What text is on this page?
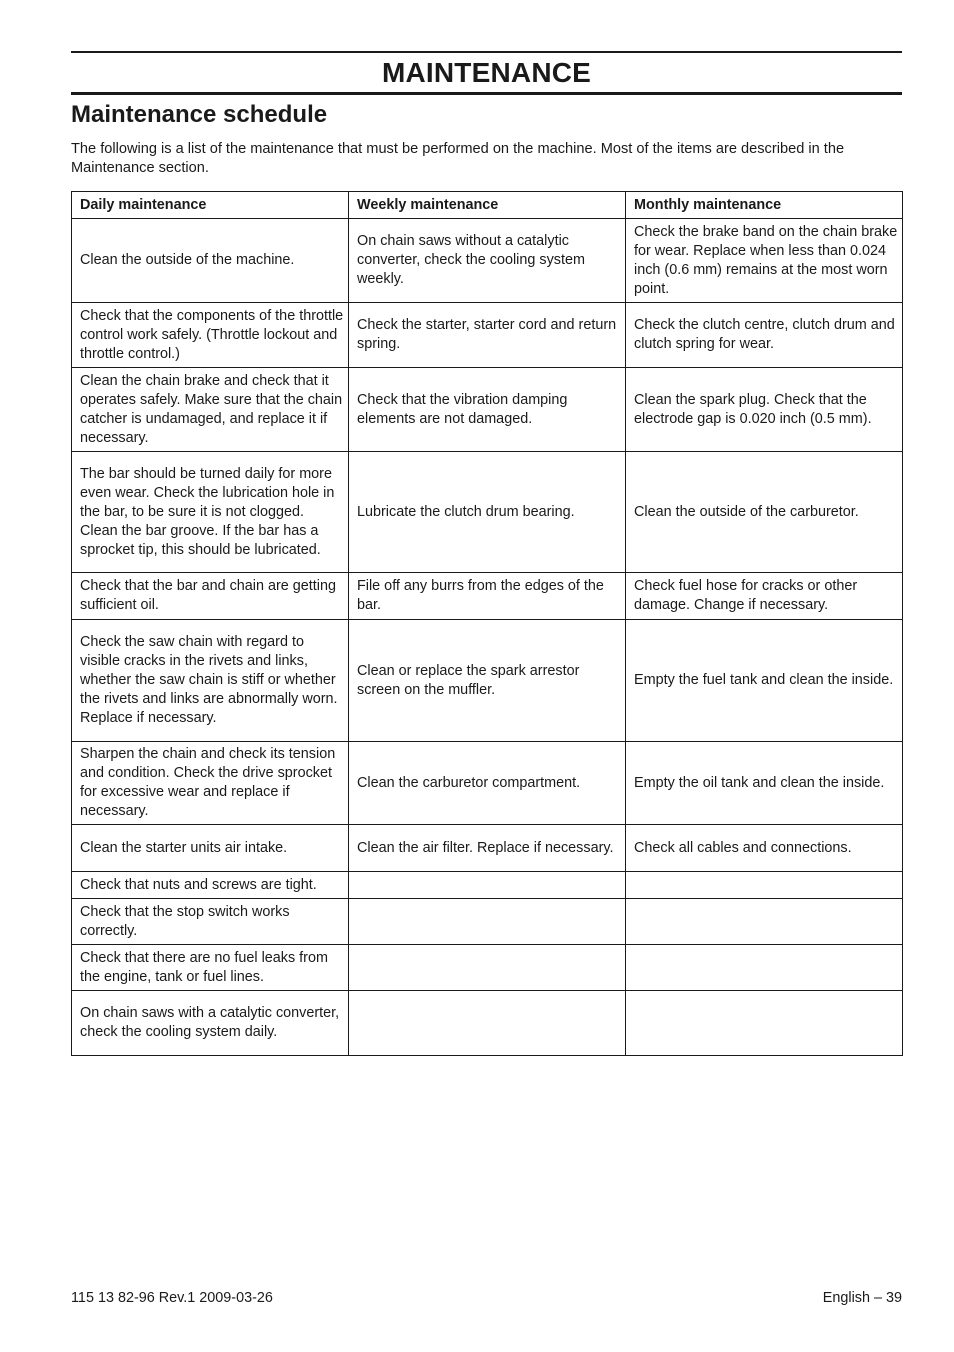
MAINTENANCE
Maintenance schedule

The following is a list of the maintenance that must be performed on the machine. Most of the items are described in the Maintenance section.

Daily maintenance	Weekly maintenance	Monthly maintenance
Clean the outside of the machine.	On chain saws without a catalytic converter, check the cooling system weekly.	Check the brake band on the chain brake for wear. Replace when less than 0.024 inch (0.6 mm) remains at the most worn point.
Check that the components of the throttle control work safely. (Throttle lockout and throttle control.)	Check the starter, starter cord and return spring.	Check the clutch centre, clutch drum and clutch spring for wear.
Clean the chain brake and check that it operates safely. Make sure that the chain catcher is undamaged, and replace it if necessary.	Check that the vibration damping elements are not damaged.	Clean the spark plug. Check that the electrode gap is 0.020 inch (0.5 mm).
The bar should be turned daily for more even wear. Check the lubrication hole in the bar, to be sure it is not clogged. Clean the bar groove. If the bar has a sprocket tip, this should be lubricated.	Lubricate the clutch drum bearing.	Clean the outside of the carburetor.
Check that the bar and chain are getting sufficient oil.	File off any burrs from the edges of the bar.	Check fuel hose for cracks or other damage. Change if necessary.
Check the saw chain with regard to visible cracks in the rivets and links, whether the saw chain is stiff or whether the rivets and links are abnormally worn. Replace if necessary.	Clean or replace the spark arrestor screen on the muffler.	Empty the fuel tank and clean the inside.
Sharpen the chain and check its tension and condition. Check the drive sprocket for excessive wear and replace if necessary.	Clean the carburetor compartment.	Empty the oil tank and clean the inside.
Clean the starter units air intake.	Clean the air filter. Replace if necessary.	Check all cables and connections.
Check that nuts and screws are tight.		
Check that the stop switch works correctly.		
Check that there are no fuel leaks from the engine, tank or fuel lines.		
On chain saws with a catalytic converter, check the cooling system daily.		
115 13 82-96 Rev.1 2009-03-26	English – 39
